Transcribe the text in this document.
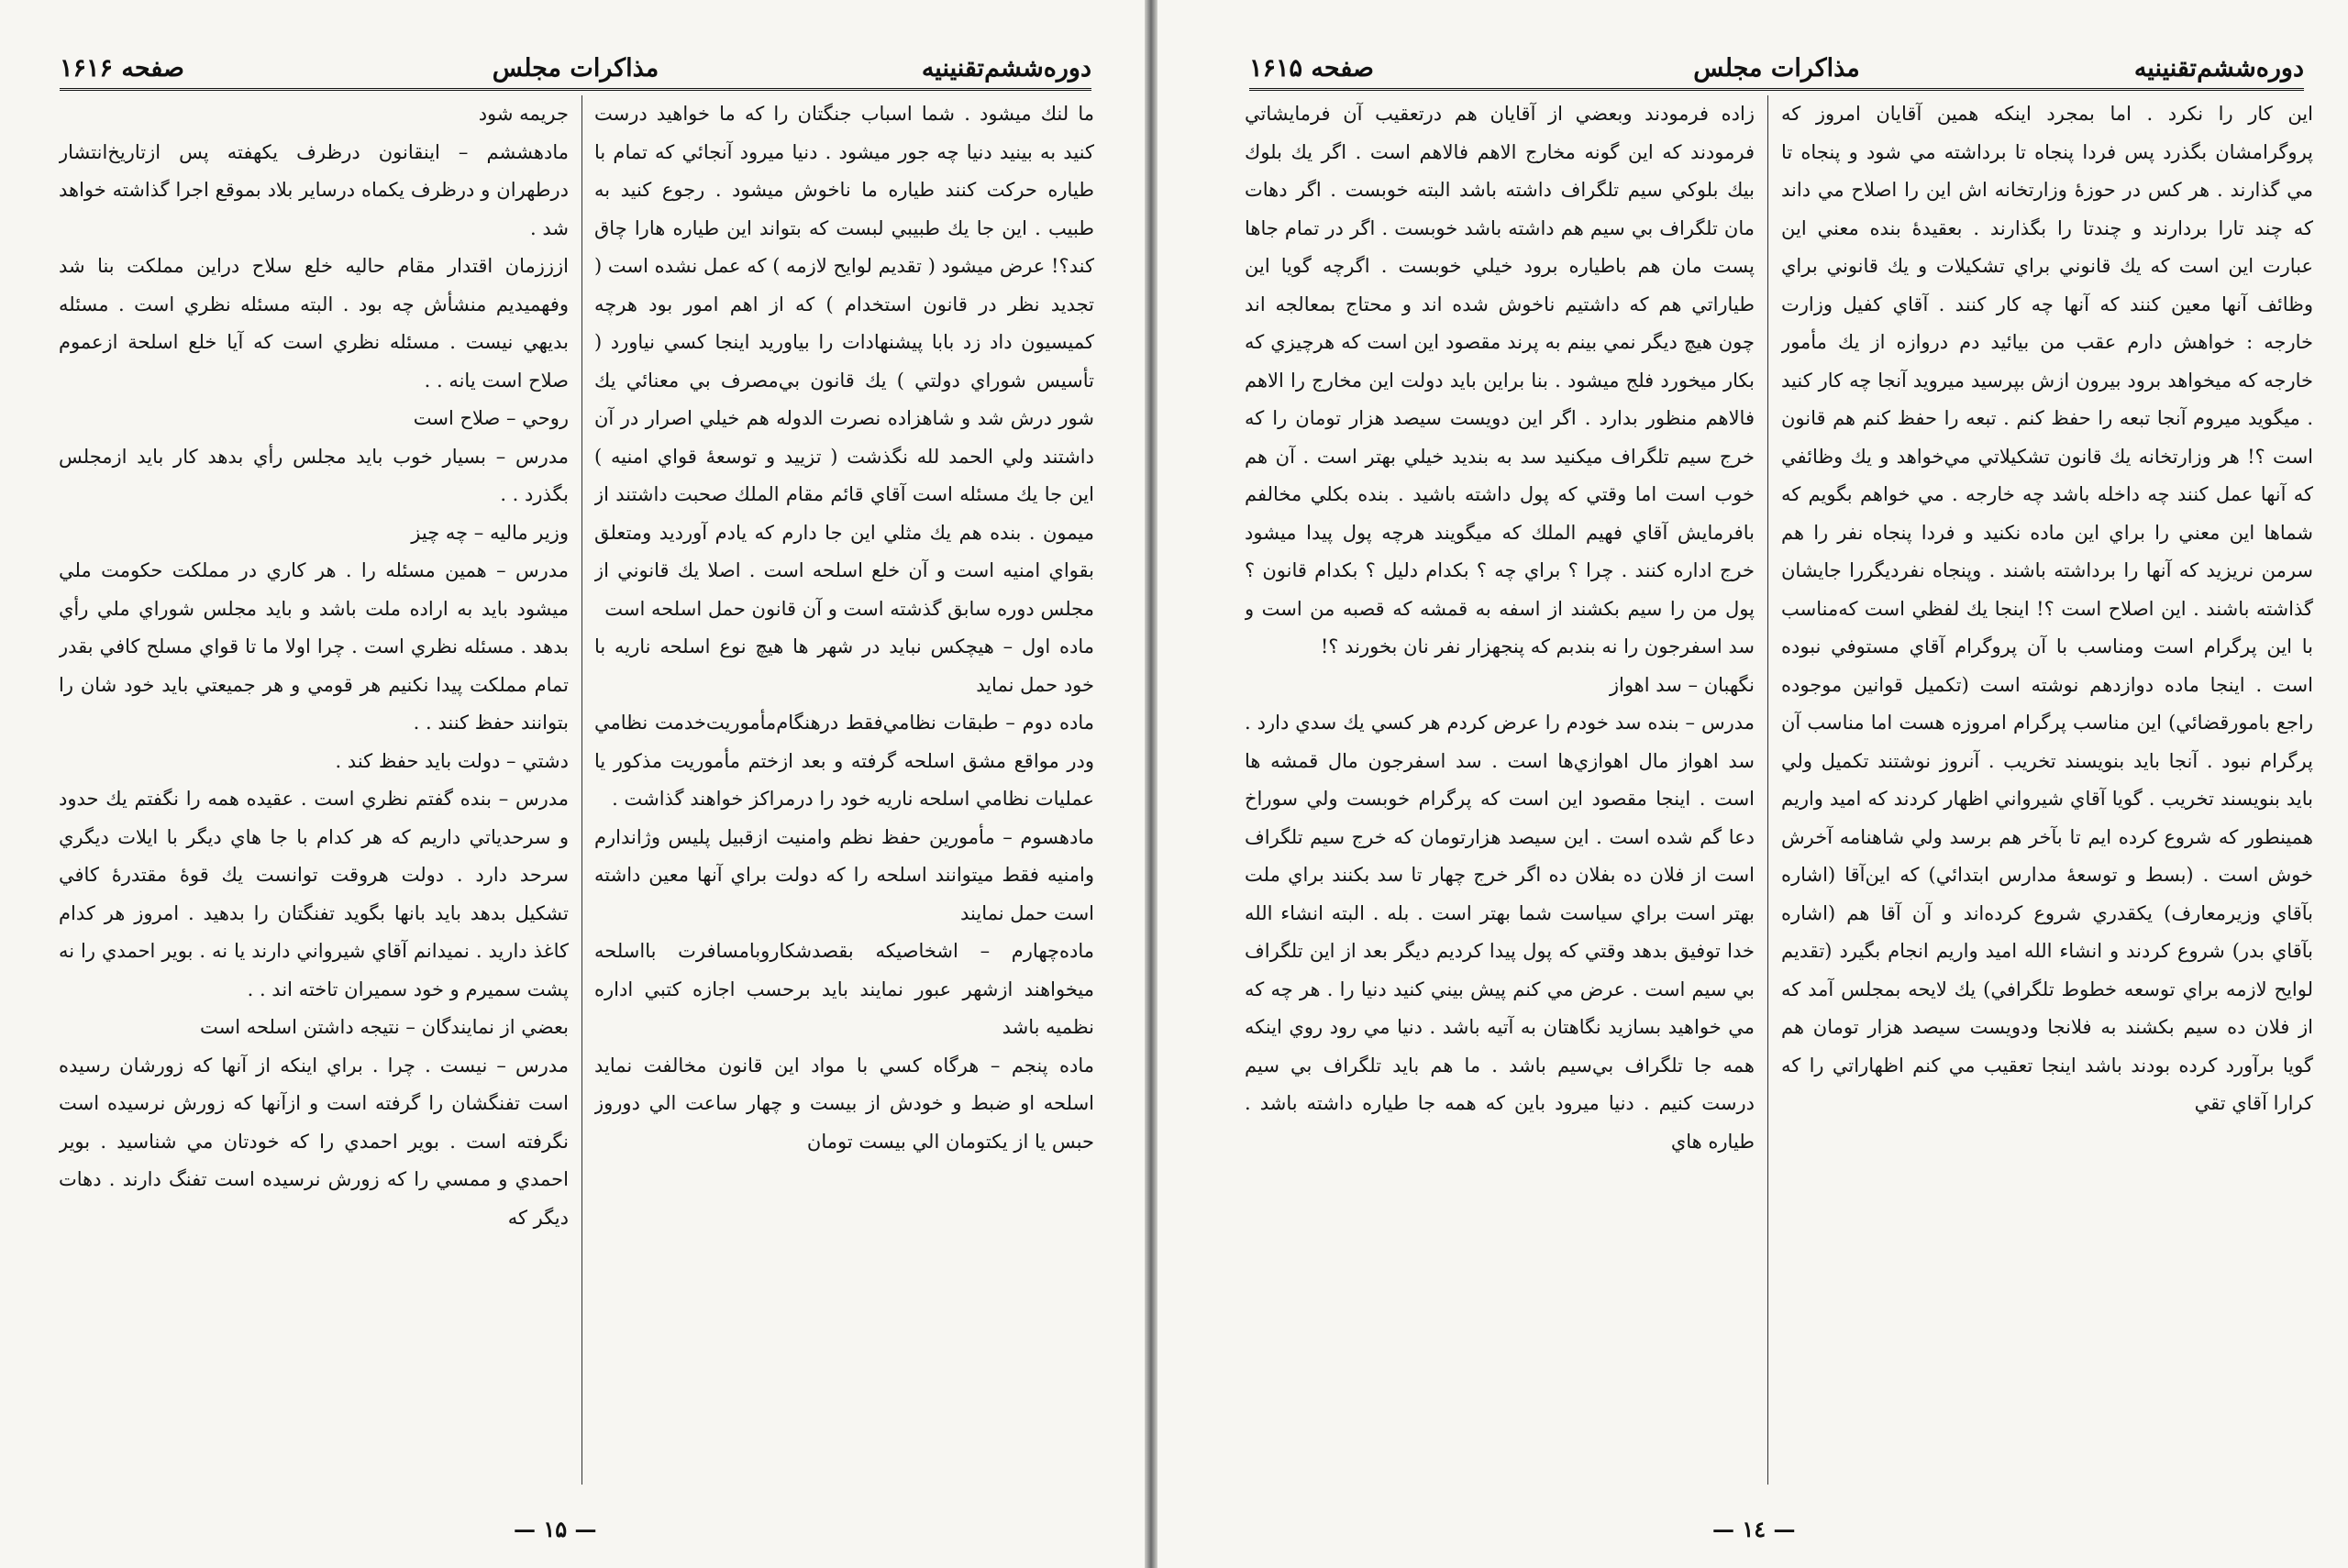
صفحه ۱۶۱۶	مذاكرات مجلس	دوره‌ششم‌تقنینیه

ما لنك ميشود . شما اسباب جنگتان را كه ما خواهيد درست كنيد به بينيد دنيا چه جور ميشود . دنيا ميرود آنجائي كه تمام با طياره حركت كنند طياره ما ناخوش ميشود . رجوع كنيد به طبيب . اين جا يك طبيبي لبست كه بتواند اين طياره هارا چاق كند؟! عرض ميشود ( تقديم لوايح لازمه ) كه عمل نشده است ( تجديد نظر در قانون استخدام ) كه از اهم امور بود هرچه كميسيون داد زد بابا پيشنهادات را بياوريد اينجا كسي نياورد ( تأسيس شوراي دولتي ) يك قانون بي‌مصرف بي معنائي يك شور درش شد و شاهزاده نصرت الدوله هم خيلي اصرار در آن داشتند ولي الحمد لله نگذشت ( تزييد و توسعهٔ قواي امنيه ) اين جا يك مسئله است آقاي قائم مقام الملك صحبت داشتند از ميمون . بنده هم يك مثلي اين جا دارم كه يادم آورديد ومتعلق بقواي امنيه است و آن خلع اسلحه است . اصلا يك قانوني از مجلس دوره سابق گذشته است و آن قانون حمل اسلحه است

ماده اول – هيچكس نبايد در شهر ها هيچ نوع اسلحه ناريه با خود حمل نمايد

ماده دوم – طبقات نظامي‌فقط درهنگام‌مأموريت‌خدمت نظامي ودر مواقع مشق اسلحه گرفته و بعد ازختم مأموريت مذكور يا عمليات نظامي اسلحه ناريه خود را درمراكز خواهند گذاشت .

مادهسوم – مأمورين حفظ نظم وامنيت ازقبيل پليس وژاندارم وامنيه فقط ميتوانند اسلحه را كه دولت براي آنها معين داشته است حمل نمايند

ماده‌چهارم – اشخاصيكه بقصدشكاروبامسافرت بااسلحه ميخواهند ازشهر عبور نمايند بايد برحسب اجازه كتبي اداره نظميه باشد

ماده پنجم – هرگاه كسي با مواد اين قانون مخالفت نمايد اسلحه او ضبط و خودش از بيست و چهار ساعت الي دوروز حبس يا از يكتومان الي بيست تومان

جريمه شود

مادهششم – اينقانون درظرف يكهفته پس ازتاريخ‌انتشار درطهران و درظرف يكماه درساير بلاد بموقع اجرا گذاشته خواهد شد .

ازززمان اقتدار مقام حاليه خلع سلاح دراين مملكت بنا شد وفهميديم منشأش چه بود . البته مسئله نظري است . مسئله بديهي نيست . مسئله نظري است كه آيا خلع اسلحة ازعموم صلاح است يانه . .

روحي – صلاح است

مدرس – بسيار خوب بايد مجلس رأي بدهد كار بايد ازمجلس بگذرد . .

وزير ماليه – چه چيز

مدرس – همين مسئله را . هر كاري در مملكت حكومت ملي ميشود بايد به اراده ملت باشد و بايد مجلس شوراي ملي رأي بدهد . مسئله نظري است . چرا اولا ما تا قواي مسلح كافي بقدر تمام مملكت پيدا نكنيم هر قومي و هر جميعتي بايد خود شان را بتوانند حفظ كنند . .

دشتي – دولت بايد حفظ كند .

مدرس – بنده گفتم نظري است . عقيده همه را نگفتم يك حدود و سرحدياتي داريم كه هر كدام با جا هاي ديگر با ايلات ديگري سرحد دارد . دولت هروقت توانست يك قوهٔ مقتدرهٔ كافي تشكيل بدهد بايد بانها بگويد تفنگتان را بدهيد . امروز هر كدام كاغذ داريد . نميدانم آقاي شيرواني دارند يا نه . بوير احمدي را نه پشت سميرم و خود سميران تاخته اند . .

بعضي از نمايندگان – نتيجه داشتن اسلحه است

مدرس – نيست . چرا . براي اينكه از آنها كه زورشان رسيده است تفنگشان را گرفته است و ازآنها كه زورش نرسيده است نگرفته است . بوير احمدي را كه خودتان مي شناسيد . بوير احمدي و ممسي را كه زورش نرسيده است تفنگ دارند . دهات ديگر كه

— ۱۵ —
صفحه ۱۶۱۵	مذاكرات مجلس	دوره‌ششم‌تقنینیه

اين كار را نكرد . اما بمجرد اينكه همين آقايان امروز كه پروگرامشان بگذرد پس فردا پنجاه تا برداشته مي شود و پنجاه تا مي گذارند . هر كس در حوزهٔ وزارتخانه اش اين را اصلاح مي داند كه چند تارا بردارند و چندتا را بگذارند . بعقيدهٔ بنده معني اين عبارت اين است كه يك قانوني براي تشكيلات و يك قانوني براي وظائف آنها معين كنند كه آنها چه كار كنند . آقاي كفيل وزارت خارجه : خواهش دارم عقب من بيائيد دم دروازه از يك مأمور خارجه كه ميخواهد برود بيرون ازش بپرسيد ميرويد آنجا چه كار كنيد . ميگويد ميروم آنجا تبعه را حفظ كنم . تبعه را حفظ كنم هم قانون است ؟! هر وزارتخانه يك قانون تشكيلاتي مي‌خواهد و يك وظائفي كه آنها عمل كنند چه داخله باشد چه خارجه . مي خواهم بگويم كه شماها اين معني را براي اين ماده نكنيد و فردا پنجاه نفر را هم سرمن نريزيد كه آنها را برداشته باشند . وپنجاه نفرديگررا جايشان گذاشته باشند . اين اصلاح است ؟! اينجا يك لفظي است كه‌مناسب با اين پرگرام است ومناسب با آن پروگرام آقاي مستوفي نبوده است . اينجا ماده دوازدهم نوشته است (تكميل قوانين موجوده راجع بامورقضائي) اين مناسب پرگرام امروزه هست اما مناسب آن پرگرام نبود . آنجا بايد بنويسند تخريب . آنروز نوشتند تكميل ولي بايد بنويسند تخريب . گويا آقاي شيرواني اظهار كردند كه اميد واريم همينطور كه شروع كرده ايم تا بآخر هم برسد ولي شاهنامه آخرش خوش است . (بسط و توسعهٔ مدارس ابتدائي) كه اين‌آقا (اشاره بآقاي وزيرمعارف) يكقدري شروع كرده‌اند و آن آقا هم (اشاره بآقاي بدر) شروع كردند و انشاء الله اميد واريم انجام بگيرد (تقديم لوايح لازمه براي توسعه خطوط تلگرافي) يك لايحه بمجلس آمد كه از فلان ده سيم بكشند به فلانجا ودويست سيصد هزار تومان هم گويا برآورد كرده بودند باشد اينجا تعقيب مي كنم اظهاراتي را كه كرارا آقاي تقي

زاده فرمودند وبعضي از آقايان هم درتعقيب آن فرمايشاتي فرمودند كه اين گونه مخارج الاهم فالاهم است . اگر يك بلوك بيك بلوكي سيم تلگراف داشته باشد البته خوبست . اگر دهات مان تلگراف بي سيم هم داشته باشد خوبست . اگر در تمام جاها پست مان هم باطياره برود خيلي خوبست . اگرچه گويا اين طياراتي هم كه داشتيم ناخوش شده اند و محتاج بمعالجه اند چون هيچ ديگر نمي بينم به پرند مقصود اين است كه هرچيزي كه بكار ميخورد فلج ميشود . بنا براين بايد دولت اين مخارج را الاهم فالاهم منظور بدارد . اگر اين دويست سيصد هزار تومان را كه خرج سيم تلگراف ميكنيد سد به بنديد خيلي بهتر است . آن هم خوب است اما وقتي كه پول داشته باشيد . بنده بكلي مخالفم بافرمايش آقاي فهيم الملك كه ميگويند هرچه پول پيدا ميشود خرج اداره كنند . چرا ؟ براي چه ؟ بكدام دليل ؟ بكدام قانون ؟ پول من را سيم بكشند از اسفه به قمشه كه قصبه من است و سد اسفرجون را نه بندبم كه پنجهزار نفر نان بخورند ؟!

نگهبان – سد اهواز

مدرس – بنده سد خودم را عرض كردم هر كسي يك سدي دارد . سد اهواز مال اهوازي‌ها است . سد اسفرجون مال قمشه ها است . اينجا مقصود اين است كه پرگرام خوبست ولي سوراخ دعا گم شده است . اين سيصد هزارتومان كه خرج سيم تلگراف است از فلان ده بفلان ده اگر خرج چهار تا سد بكنند براي ملت بهتر است براي سياست شما بهتر است . بله . البته انشاء الله خدا توفيق بدهد وقتي كه پول پيدا كرديم ديگر بعد از اين تلگراف بي سيم است . عرض مي كنم پيش بيني كنيد دنيا را . هر چه كه مي خواهيد بسازيد نگاهتان به آتيه باشد . دنيا مي رود روي اينكه همه جا تلگراف بي‌سيم باشد . ما هم بايد تلگراف بي سيم درست كنيم . دنيا ميرود باين كه همه جا طياره داشته باشد . طياره هاي

— ۱٤ —
